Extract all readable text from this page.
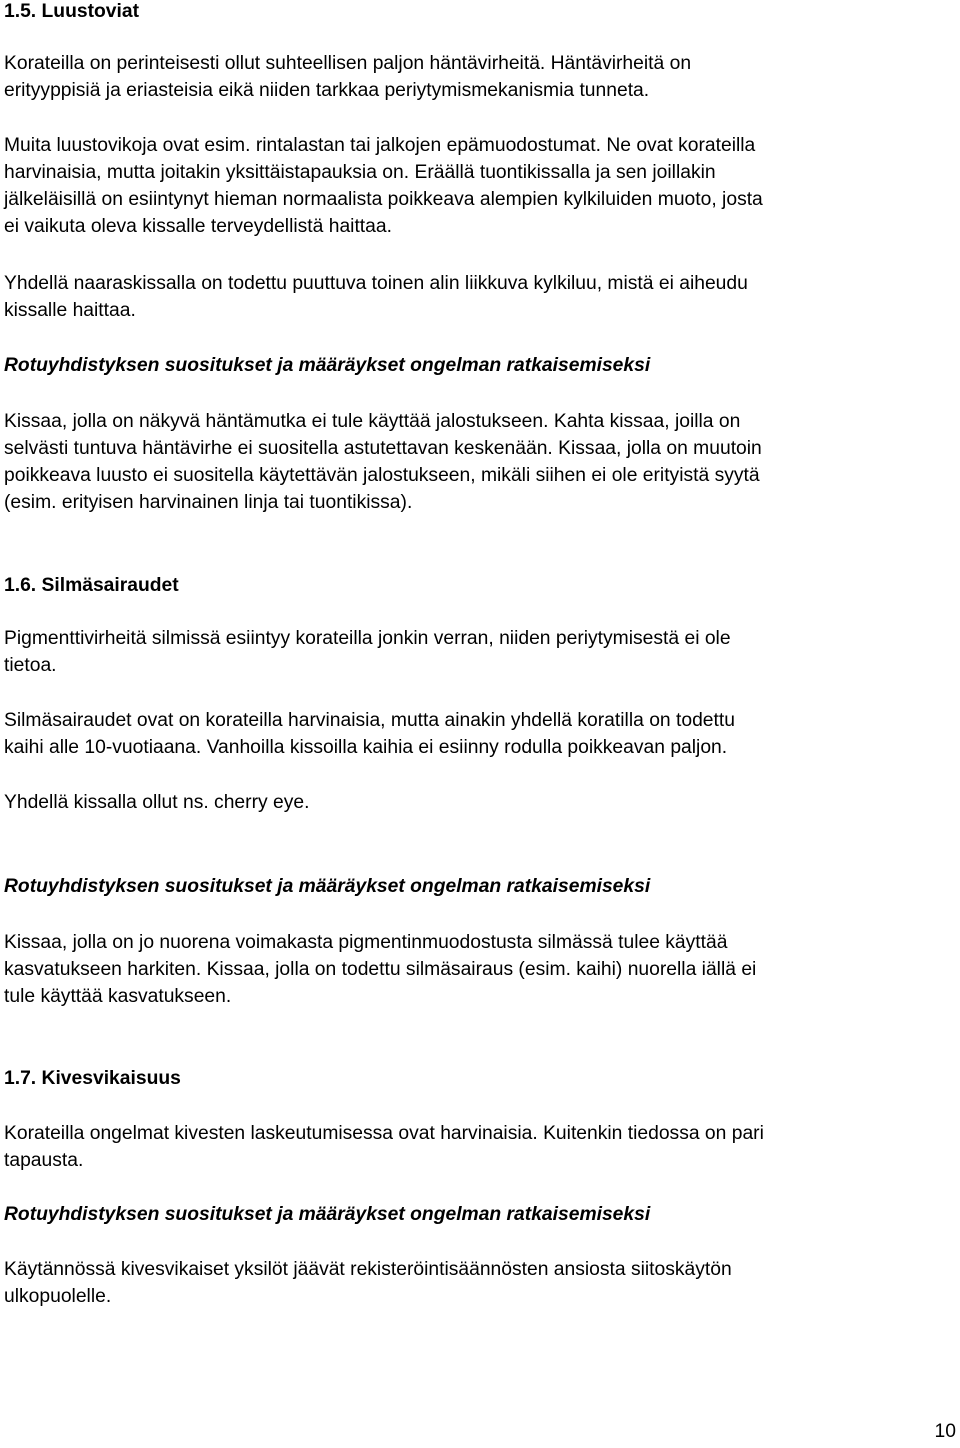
1.5. Luustoviat

Korateilla on perinteisesti ollut suhteellisen paljon häntävirheitä. Häntävirheitä on
erityyppisiä ja eriasteisia eikä niiden tarkkaa periytymismekanismia tunneta.

Muita luustovikoja ovat esim. rintalastan tai jalkojen epämuodostumat. Ne ovat korateilla
harvinaisia, mutta joitakin yksittäistapauksia on. Eräällä tuontikissalla ja sen joillakin
jälkeläisillä on esiintynyt hieman normaalista poikkeava alempien kylkiluiden muoto, josta
ei vaikuta oleva kissalle terveydellistä haittaa.

Yhdellä naaraskissalla on todettu puuttuva toinen alin liikkuva kylkiluu, mistä ei aiheudu
kissalle haittaa.

Rotuyhdistyksen suositukset ja määräykset ongelman ratkaisemiseksi

Kissaa, jolla on näkyvä häntämutka ei tule käyttää jalostukseen. Kahta kissaa, joilla on
selvästi tuntuva häntävirhe ei suositella astutettavan keskenään. Kissaa, jolla on muutoin
poikkeava luusto ei suositella käytettävän jalostukseen, mikäli siihen ei ole erityistä syytä
(esim. erityisen harvinainen linja tai tuontikissa).

1.6. Silmäsairaudet

Pigmenttivirheitä silmissä esiintyy korateilla jonkin verran, niiden periytymisestä ei ole
tietoa.

Silmäsairaudet ovat on korateilla harvinaisia, mutta ainakin yhdellä koratilla on todettu
kaihi alle 10-vuotiaana. Vanhoilla kissoilla kaihia ei esiinny rodulla poikkeavan paljon.

Yhdellä kissalla ollut ns. cherry eye.

Rotuyhdistyksen suositukset ja määräykset ongelman ratkaisemiseksi

Kissaa, jolla on jo nuorena voimakasta pigmentinmuodostusta silmässä tulee käyttää
kasvatukseen harkiten. Kissaa, jolla on todettu silmäsairaus (esim. kaihi) nuorella iällä ei
tule käyttää kasvatukseen.

1.7. Kivesvikaisuus

Korateilla ongelmat kivesten laskeutumisessa ovat harvinaisia. Kuitenkin tiedossa on pari
tapausta.

Rotuyhdistyksen suositukset ja määräykset ongelman ratkaisemiseksi

Käytännössä kivesvikaiset yksilöt jäävät rekisteröintisäännösten ansiosta siitoskäytön
ulkopuolelle.

10
